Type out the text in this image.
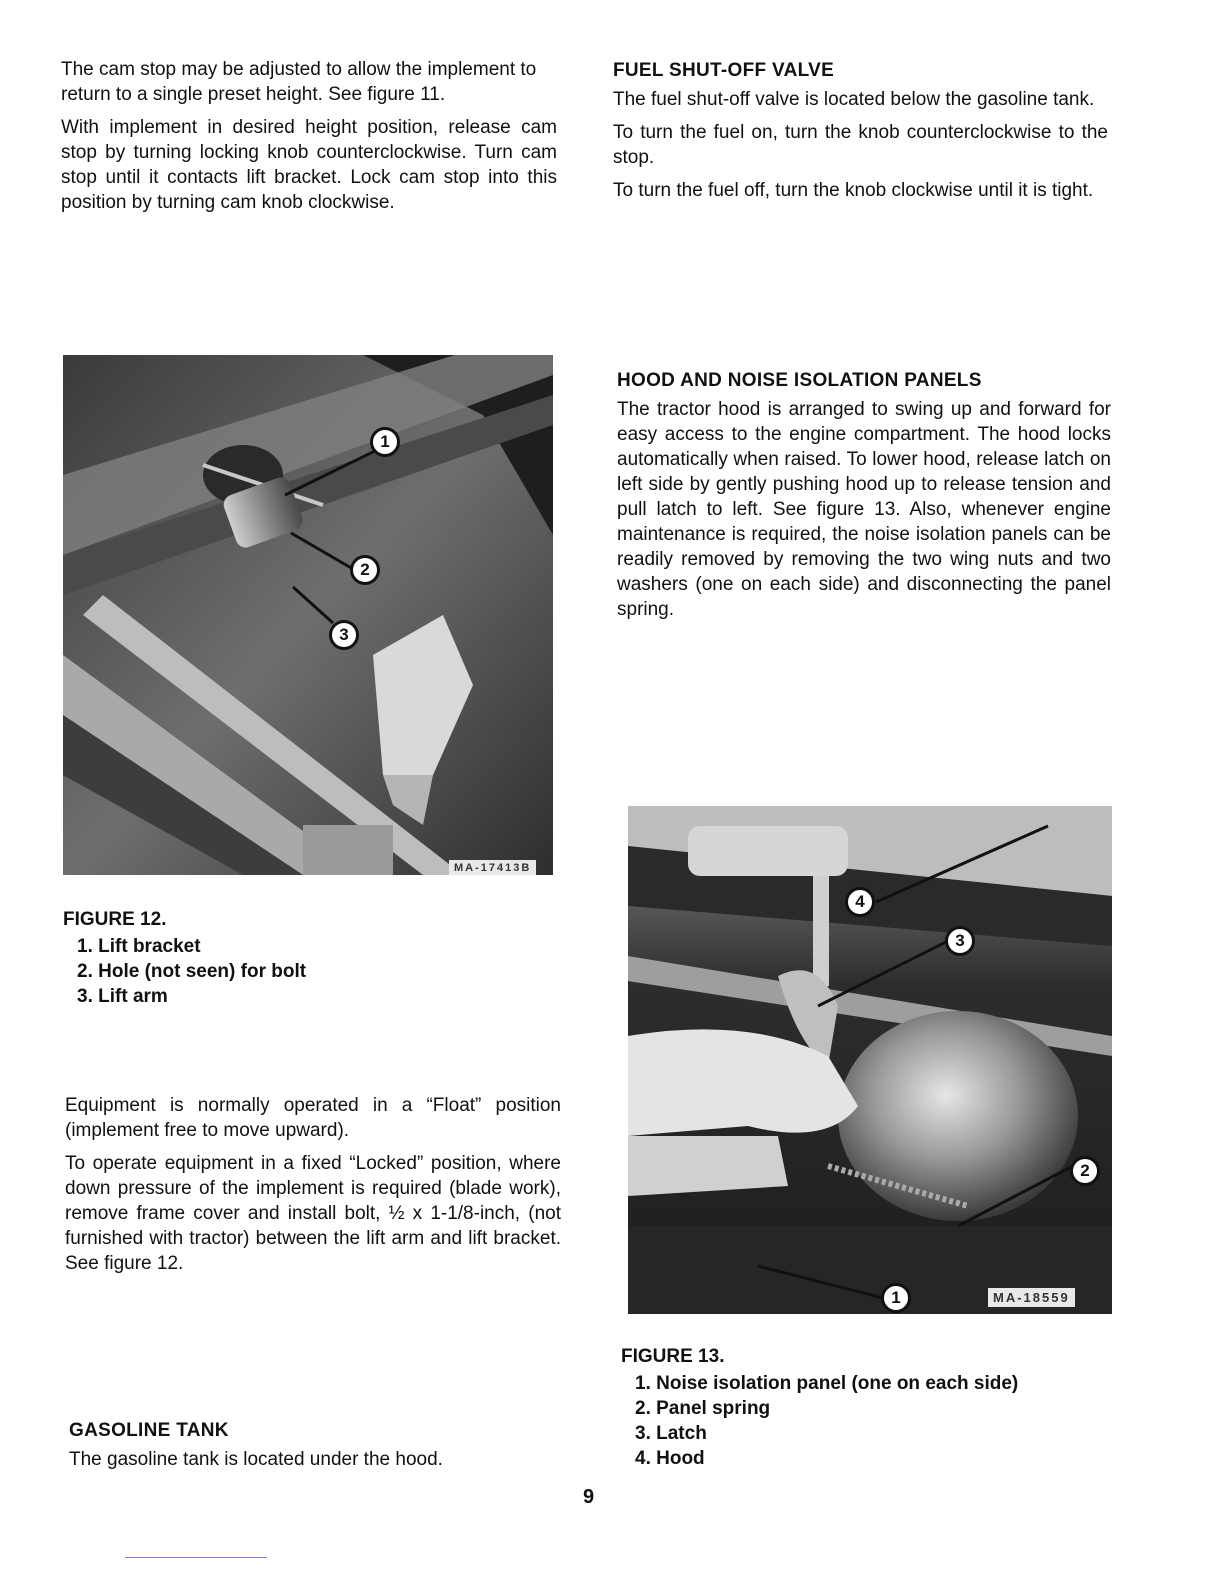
The cam stop may be adjusted to allow the implement to return to a single preset height. See figure 11.

With implement in desired height position, release cam stop by turning locking knob counterclockwise. Turn cam stop until it contacts lift bracket. Lock cam stop into this position by turning cam knob clockwise.

1
2
3
MA-17413B

FIGURE 12.

1. Lift bracket
2. Hole (not seen) for bolt
3. Lift arm

Equipment is normally operated in a “Float” position (implement free to move upward).

To operate equipment in a fixed “Locked” position, where down pressure of the implement is required (blade work), remove frame cover and install bolt, ½ x 1-1/8-inch, (not furnished with tractor) between the lift arm and lift bracket. See figure 12.

GASOLINE TANK

The gasoline tank is located under the hood.

FUEL SHUT-OFF VALVE

The fuel shut-off valve is located below the gasoline tank.

To turn the fuel on, turn the knob counterclockwise to the stop.

To turn the fuel off, turn the knob clockwise until it is tight.

HOOD AND NOISE ISOLATION PANELS

The tractor hood is arranged to swing up and forward for easy access to the engine compartment. The hood locks automatically when raised. To lower hood, release latch on left side by gently pushing hood up to release tension and pull latch to left. See figure 13. Also, whenever engine maintenance is required, the noise isolation panels can be readily removed by removing the two wing nuts and two washers (one on each side) and disconnecting the panel spring.

4
3
2
1	MA-18559

FIGURE 13.

1. Noise isolation panel (one on each side)
2. Panel spring
3. Latch
4. Hood
9
